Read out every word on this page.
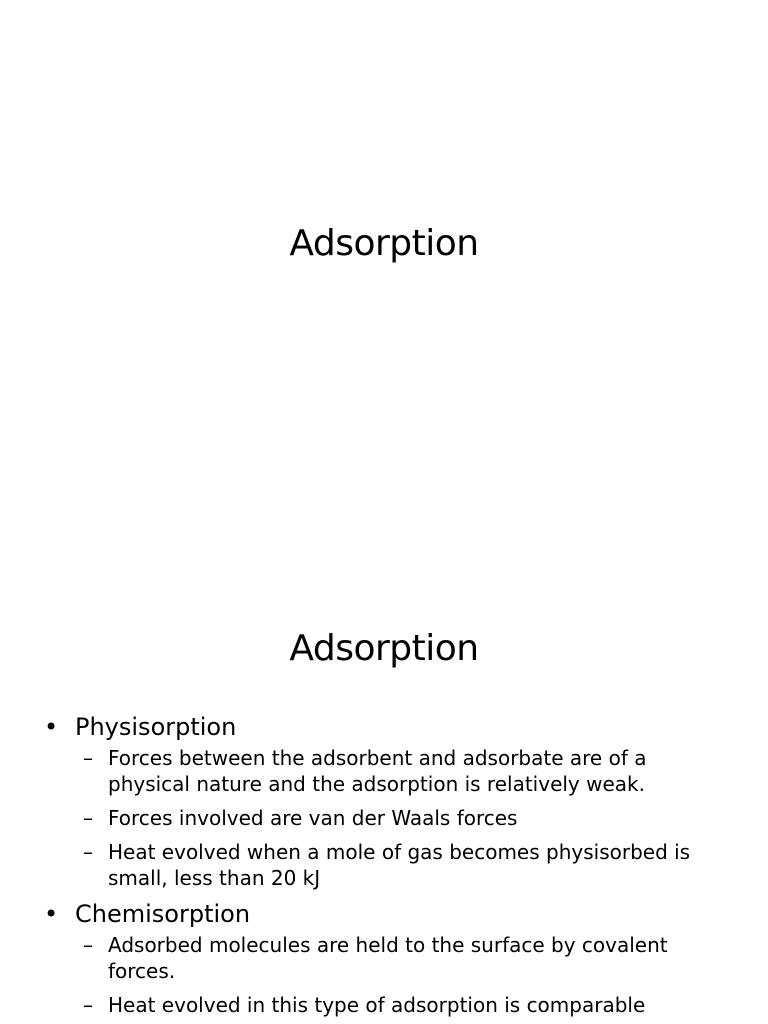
Adsorption
Adsorption
• Physisorption
– Forces between the adsorbent and adsorbate are of a physical nature and the adsorption is relatively weak.
– Forces involved are van der Waals forces
– Heat evolved when a mole of gas becomes physisorbed is small, less than 20 kJ
• Chemisorption
– Adsorbed molecules are held to the surface by covalent forces.
– Heat evolved in this type of adsorption is comparable
